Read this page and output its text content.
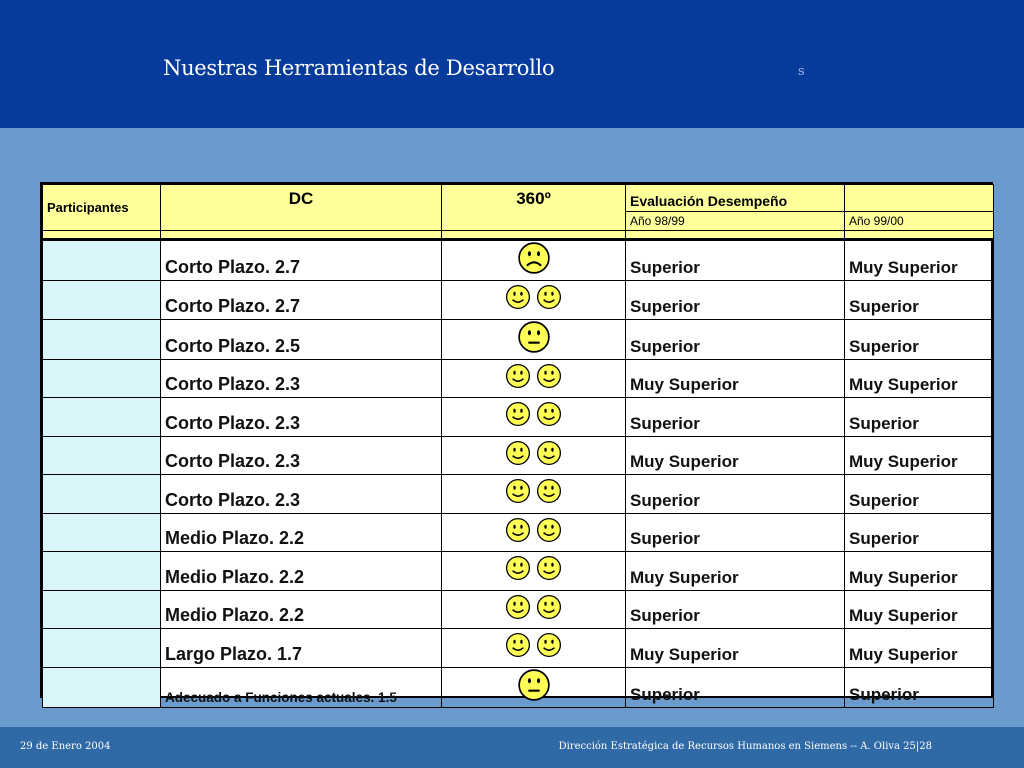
Nuestras Herramientas de Desarrollo	s
Participantes	DC	360º	Evaluación Desempeño	
			Año 98/99	Año 99/00

	Corto Plazo. 2.7		Superior	Muy Superior
	Corto Plazo. 2.7		Superior	Superior
	Corto Plazo. 2.5		Superior	Superior
	Corto Plazo. 2.3		Muy Superior	Muy Superior
	Corto Plazo. 2.3		Superior	Superior
	Corto Plazo. 2.3		Muy Superior	Muy Superior
	Corto Plazo. 2.3		Superior	Superior
	Medio Plazo. 2.2		Superior	Superior
	Medio Plazo. 2.2		Muy Superior	Muy Superior
	Medio Plazo. 2.2		Superior	Muy Superior
	Largo Plazo. 1.7		Muy Superior	Muy Superior
	Adecuado a Funciones actuales. 1.5		Superior	Superior
29 de Enero 2004	Dirección Estratégica de Recursos Humanos en Siemens -- A. Oliva 25|28
